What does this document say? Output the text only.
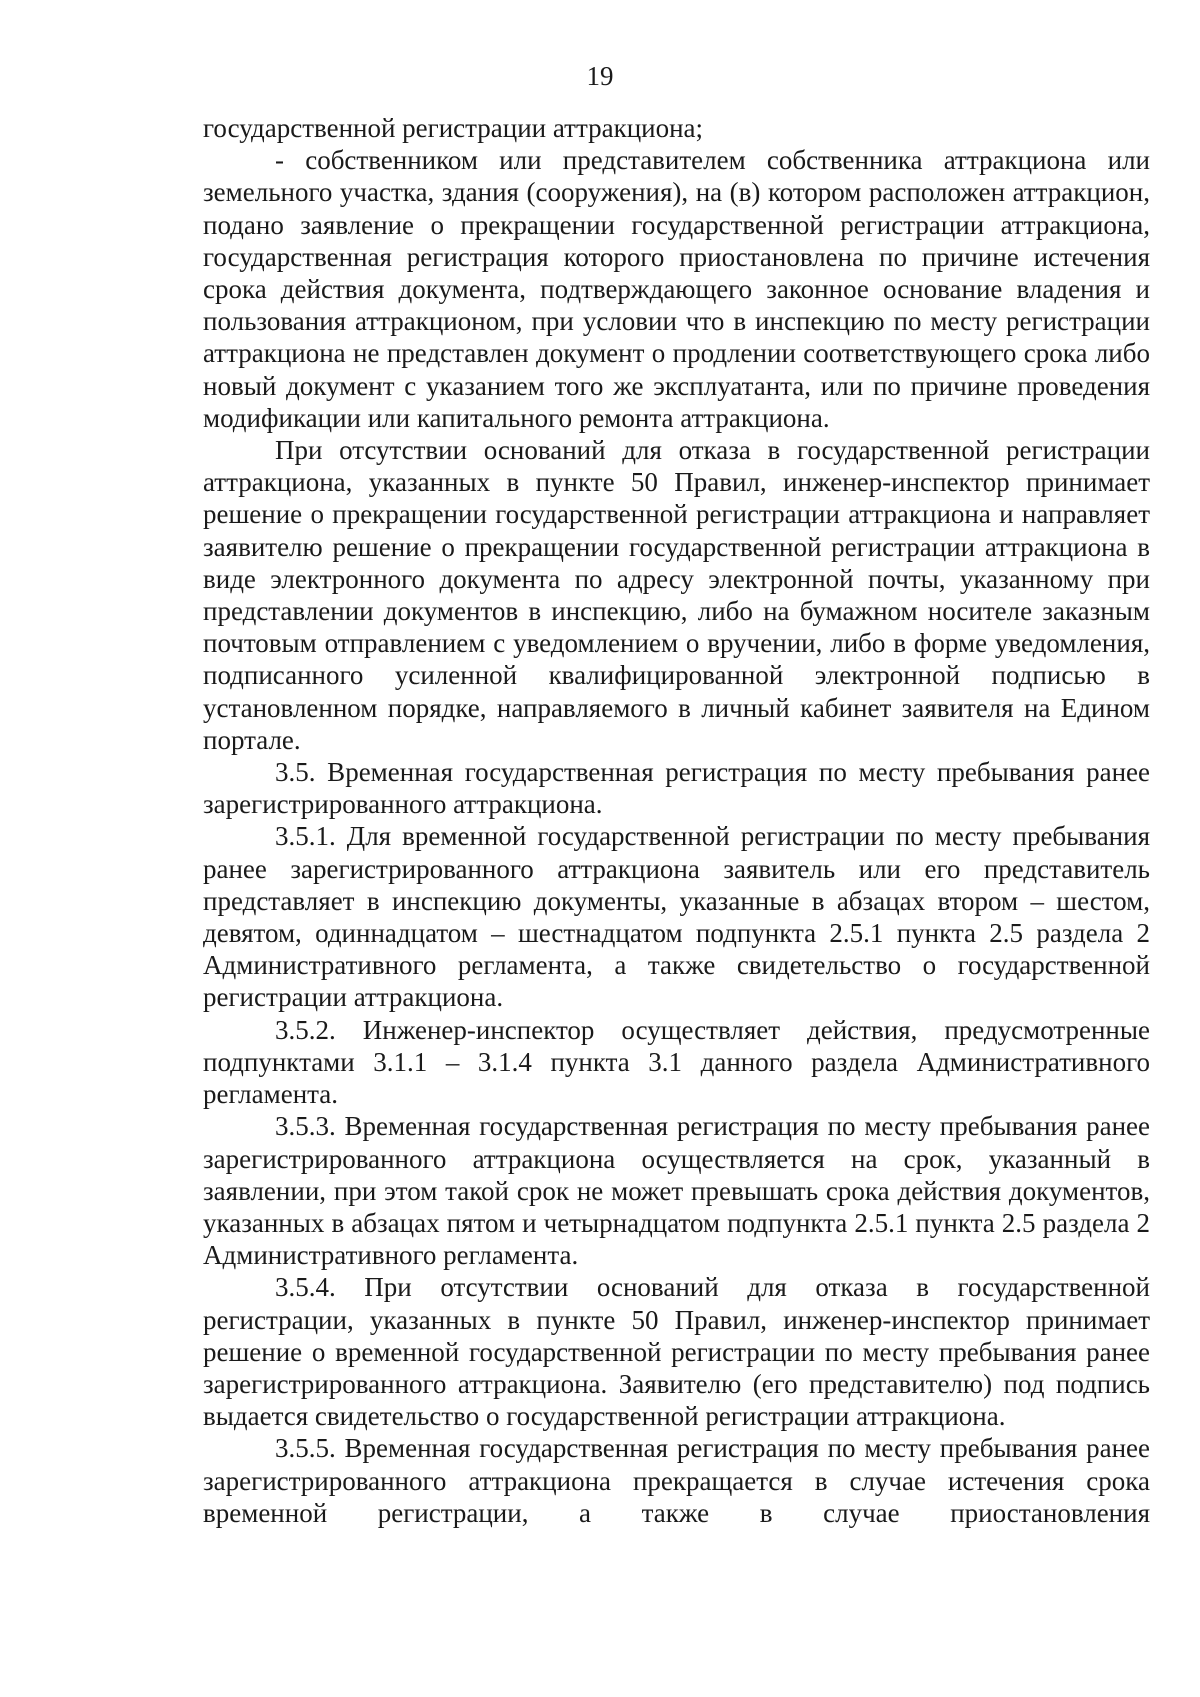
19

государственной регистрации аттракциона;

- собственником или представителем собственника аттракциона или земельного участка, здания (сооружения), на (в) котором расположен аттракцион, подано заявление о прекращении государственной регистрации аттракциона, государственная регистрация которого приостановлена по причине истечения срока действия документа, подтверждающего законное основание владения и пользования аттракционом, при условии что в инспекцию по месту регистрации аттракциона не представлен документ о продлении соответствующего срока либо новый документ с указанием того же эксплуатанта, или по причине проведения модификации или капитального ремонта аттракциона.

При отсутствии оснований для отказа в государственной регистрации аттракциона, указанных в пункте 50 Правил, инженер-инспектор принимает решение о прекращении государственной регистрации аттракциона и направляет заявителю решение о прекращении государственной регистрации аттракциона в виде электронного документа по адресу электронной почты, указанному при представлении документов в инспекцию, либо на бумажном носителе заказным почтовым отправлением с уведомлением о вручении, либо в форме уведомления, подписанного усиленной квалифицированной электронной подписью в установленном порядке, направляемого в личный кабинет заявителя на Едином портале.

3.5. Временная государственная регистрация по месту пребывания ранее зарегистрированного аттракциона.

3.5.1. Для временной государственной регистрации по месту пребывания ранее зарегистрированного аттракциона заявитель или его представитель представляет в инспекцию документы, указанные в абзацах втором – шестом, девятом, одиннадцатом – шестнадцатом подпункта 2.5.1 пункта 2.5 раздела 2 Административного регламента, а также свидетельство о государственной регистрации аттракциона.

3.5.2. Инженер-инспектор осуществляет действия, предусмотренные подпунктами 3.1.1 – 3.1.4 пункта 3.1 данного раздела Административного регламента.

3.5.3. Временная государственная регистрация по месту пребывания ранее зарегистрированного аттракциона осуществляется на срок, указанный в заявлении, при этом такой срок не может превышать срока действия документов, указанных в абзацах пятом и четырнадцатом подпункта 2.5.1 пункта 2.5 раздела 2 Административного регламента.

3.5.4. При отсутствии оснований для отказа в государственной регистрации, указанных в пункте 50 Правил, инженер-инспектор принимает решение о временной государственной регистрации по месту пребывания ранее зарегистрированного аттракциона. Заявителю (его представителю) под подпись выдается свидетельство о государственной регистрации аттракциона.

3.5.5. Временная государственная регистрация по месту пребывания ранее зарегистрированного аттракциона прекращается в случае истечения срока временной регистрации, а также в случае приостановления
